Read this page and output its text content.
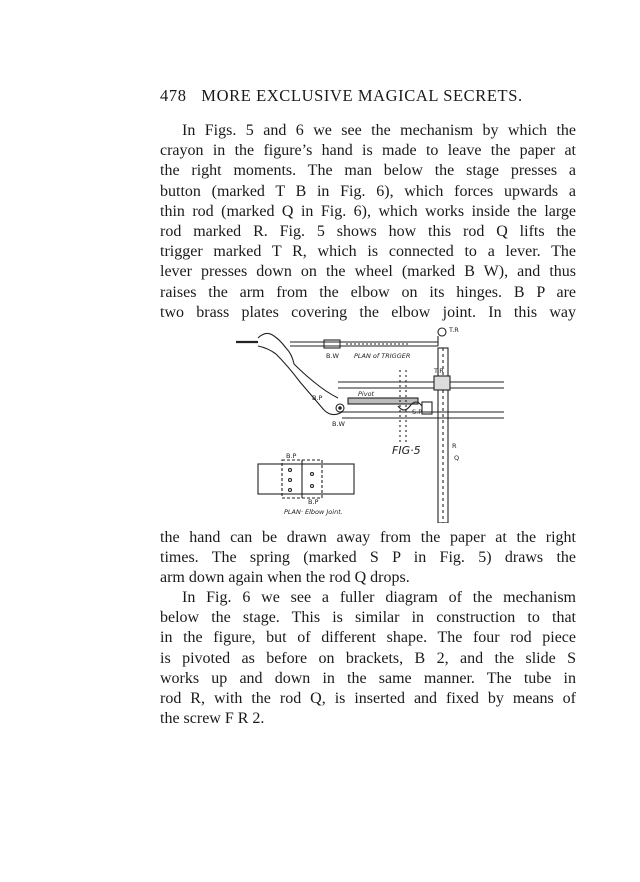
478 MORE EXCLUSIVE MAGICAL SECRETS.

In Figs. 5 and 6 we see the mechanism by which the
crayon in the figure’s hand is made to leave the paper at
the right moments. The man below the stage presses a
button (marked T B in Fig. 6), which forces upwards a
thin rod (marked Q in Fig. 6), which works inside the large
rod marked R. Fig. 5 shows how this rod Q lifts the
trigger marked T R, which is connected to a lever. The
lever presses down on the wheel (marked B W), and thus
raises the arm from the elbow on its hinges. B P are
two brass plates covering the elbow joint. In this way

T.R
B.W PLAN of TRIGGER
T.R
B.P	Pivot
S.P
B.W
R
Q
B.P
B.P
PLAN· Elbow Joint.
FIG·5

the hand can be drawn away from the paper at the right
times. The spring (marked S P in Fig. 5) draws the
arm down again when the rod Q drops.

In Fig. 6 we see a fuller diagram of the mechanism
below the stage. This is similar in construction to that
in the figure, but of different shape. The four rod piece
is pivoted as before on brackets, B 2, and the slide S
works up and down in the same manner. The tube in
rod R, with the rod Q, is inserted and fixed by means of
the screw F R 2.
